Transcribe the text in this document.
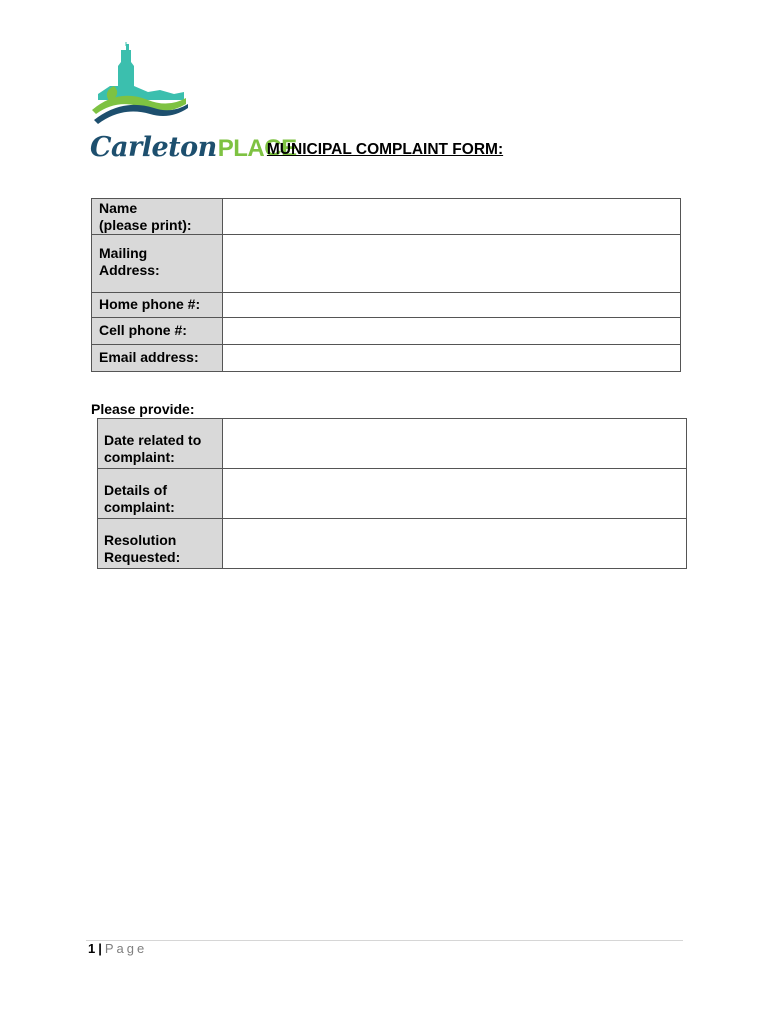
CarletonPLACE
MUNICIPAL COMPLAINT FORM:
Name
(please print):	

Mailing
Address:	

Home phone #:	

Cell phone #:	

Email address:	

Please provide:
Date related to
complaint:	

Details of
complaint:	

Resolution
Requested:	

1 | Page
